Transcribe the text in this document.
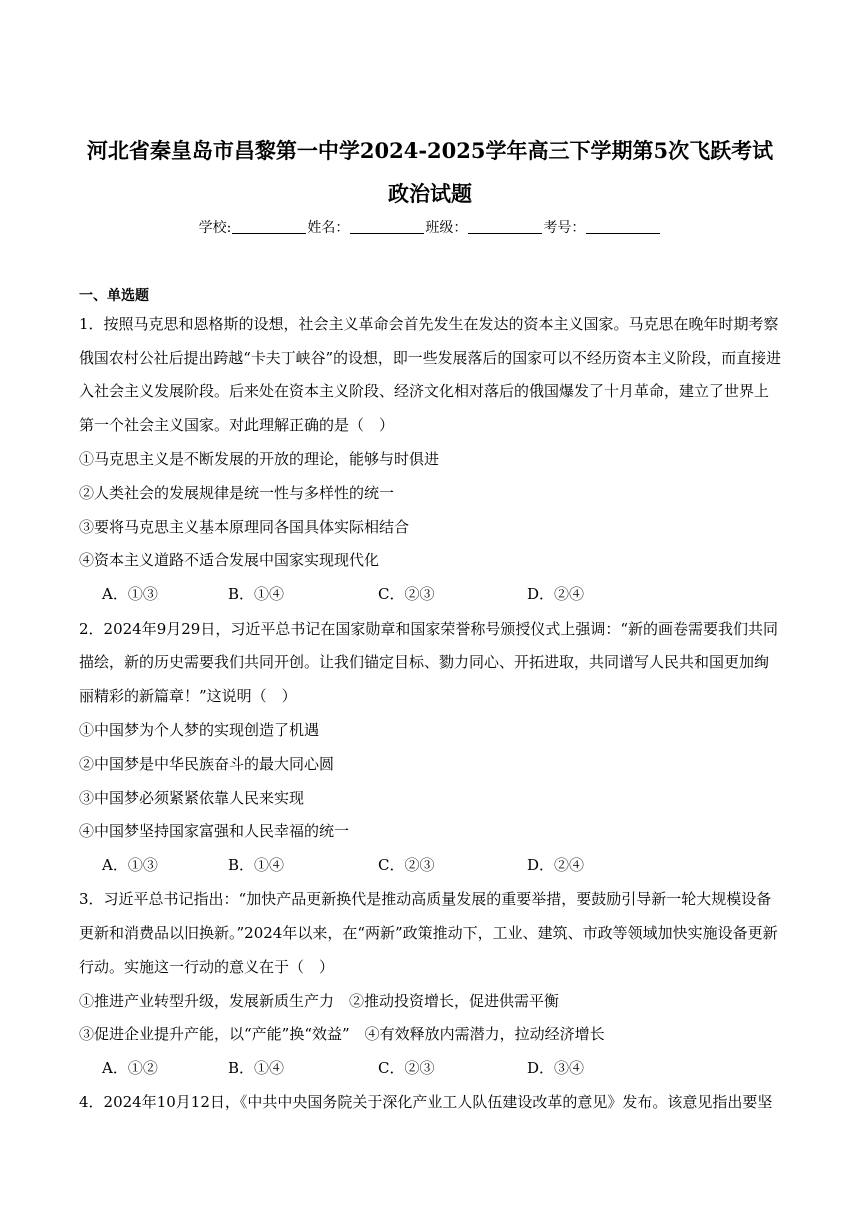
河北省秦皇岛市昌黎第一中学2024-2025学年高三下学期第5次飞跃考试
政治试题
学校:	姓名：	班级：	考号：
一、单选题
1．按照马克思和恩格斯的设想，社会主义革命会首先发生在发达的资本主义国家。马克思在晚年时期考察
俄国农村公社后提出跨越“卡夫丁峡谷”的设想，即一些发展落后的国家可以不经历资本主义阶段，而直接进
入社会主义发展阶段。后来处在资本主义阶段、经济文化相对落后的俄国爆发了十月革命，建立了世界上
第一个社会主义国家。对此理解正确的是（　）
①马克思主义是不断发展的开放的理论，能够与时俱进
②人类社会的发展规律是统一性与多样性的统一
③要将马克思主义基本原理同各国具体实际相结合
④资本主义道路不适合发展中国家实现现代化
A．①③	B．①④	C．②③	D．②④
2．2024年9月29日，习近平总书记在国家勋章和国家荣誉称号颁授仪式上强调：“新的画卷需要我们共同
描绘，新的历史需要我们共同开创。让我们锚定目标、勠力同心、开拓进取，共同谱写人民共和国更加绚
丽精彩的新篇章！”这说明（　）
①中国梦为个人梦的实现创造了机遇
②中国梦是中华民族奋斗的最大同心圆
③中国梦必须紧紧依靠人民来实现
④中国梦坚持国家富强和人民幸福的统一
A．①③	B．①④	C．②③	D．②④
3．习近平总书记指出：“加快产品更新换代是推动高质量发展的重要举措，要鼓励引导新一轮大规模设备
更新和消费品以旧换新。”2024年以来，在“两新”政策推动下，工业、建筑、市政等领域加快实施设备更新
行动。实施这一行动的意义在于（　）
①推进产业转型升级，发展新质生产力　②推动投资增长，促进供需平衡
③促进企业提升产能，以“产能”换“效益”　④有效释放内需潜力，拉动经济增长
A．①②	B．①④	C．②③	D．③④
4．2024年10月12日，《中共中央国务院关于深化产业工人队伍建设改革的意见》发布。该意见指出要坚
